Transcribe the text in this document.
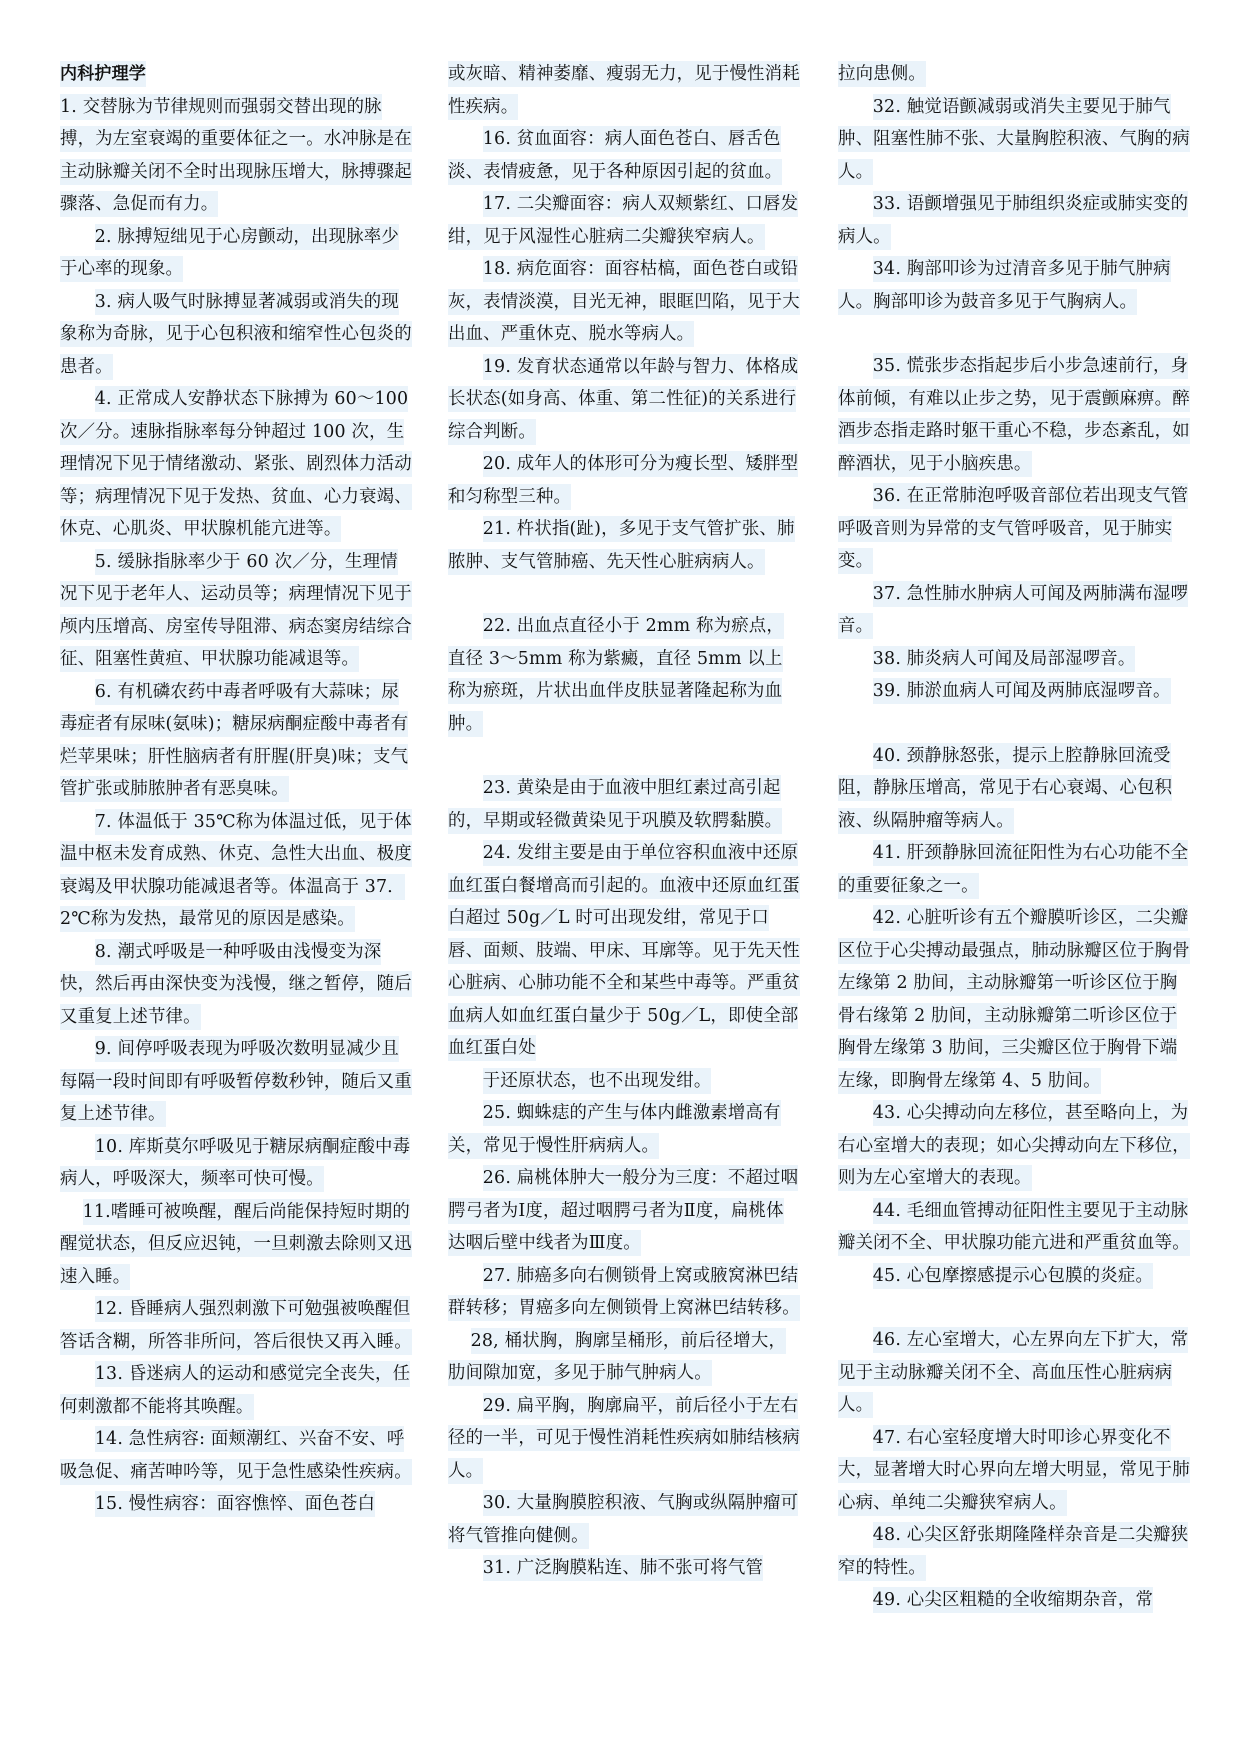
内科护理学

1. 交替脉为节律规则而强弱交替出现的脉搏，为左室衰竭的重要体征之一。水冲脉是在主动脉瓣关闭不全时出现脉压增大，脉搏骤起骤落、急促而有力。

2. 脉搏短绌见于心房颤动，出现脉率少于心率的现象。

3. 病人吸气时脉搏显著减弱或消失的现象称为奇脉，见于心包积液和缩窄性心包炎的患者。

4. 正常成人安静状态下脉搏为 60～100 次／分。速脉指脉率每分钟超过 100 次，生理情况下见于情绪激动、紧张、剧烈体力活动等；病理情况下见于发热、贫血、心力衰竭、休克、心肌炎、甲状腺机能亢进等。

5. 缓脉指脉率少于 60 次／分，生理情况下见于老年人、运动员等；病理情况下见于颅内压增高、房室传导阻滞、病态窦房结综合征、阻塞性黄疸、甲状腺功能减退等。

6. 有机磷农药中毒者呼吸有大蒜味；尿毒症者有尿味(氨味)；糖尿病酮症酸中毒者有烂苹果味；肝性脑病者有肝腥(肝臭)味；支气管扩张或肺脓肿者有恶臭味。

7. 体温低于 35℃称为体温过低，见于体温中枢未发育成熟、休克、急性大出血、极度衰竭及甲状腺功能减退者等。体温高于 37．2℃称为发热，最常见的原因是感染。

8. 潮式呼吸是一种呼吸由浅慢变为深快，然后再由深快变为浅慢，继之暂停，随后又重复上述节律。

9. 间停呼吸表现为呼吸次数明显减少且每隔一段时间即有呼吸暂停数秒钟，随后又重复上述节律。

10. 库斯莫尔呼吸见于糖尿病酮症酸中毒病人，呼吸深大，频率可快可慢。

11.嗜睡可被唤醒，醒后尚能保持短时期的醒觉状态，但反应迟钝，一旦刺激去除则又迅速入睡。

12. 昏睡病人强烈刺激下可勉强被唤醒但答话含糊，所答非所问，答后很快又再入睡。

13. 昏迷病人的运动和感觉完全丧失，任何刺激都不能将其唤醒。

14. 急性病容: 面颊潮红、兴奋不安、呼吸急促、痛苦呻吟等，见于急性感染性疾病。

15. 慢性病容：面容憔悴、面色苍白

或灰暗、精神萎靡、瘦弱无力，见于慢性消耗性疾病。

16. 贫血面容：病人面色苍白、唇舌色淡、表情疲惫，见于各种原因引起的贫血。

17. 二尖瓣面容：病人双颊紫红、口唇发绀，见于风湿性心脏病二尖瓣狭窄病人。

18. 病危面容：面容枯槁，面色苍白或铅灰，表情淡漠，目光无神，眼眶凹陷，见于大出血、严重休克、脱水等病人。

19. 发育状态通常以年龄与智力、体格成长状态(如身高、体重、第二性征)的关系进行综合判断。

20. 成年人的体形可分为瘦长型、矮胖型和匀称型三种。

21. 杵状指(趾)，多见于支气管扩张、肺脓肿、支气管肺癌、先天性心脏病病人。

22. 出血点直径小于 2mm 称为瘀点，直径 3～5mm 称为紫癜，直径 5mm 以上称为瘀斑，片状出血伴皮肤显著隆起称为血肿。

23. 黄染是由于血液中胆红素过高引起的，早期或轻微黄染见于巩膜及软腭黏膜。

24. 发绀主要是由于单位容积血液中还原血红蛋白餐增高而引起的。血液中还原血红蛋白超过 50g／L 时可出现发绀，常见于口唇、面颊、肢端、甲床、耳廓等。见于先天性心脏病、心肺功能不全和某些中毒等。严重贫血病人如血红蛋白量少于 50g／L，即使全部血红蛋白处

于还原状态，也不出现发绀。

25. 蜘蛛痣的产生与体内雌激素增高有关，常见于慢性肝病病人。

26. 扁桃体肿大一般分为三度：不超过咽腭弓者为Ⅰ度，超过咽腭弓者为Ⅱ度，扁桃体达咽后壁中线者为Ⅲ度。

27. 肺癌多向右侧锁骨上窝或腋窝淋巴结群转移；胃癌多向左侧锁骨上窝淋巴结转移。

28, 桶状胸，胸廓呈桶形，前后径增大，肋间隙加宽，多见于肺气肿病人。

29. 扁平胸，胸廓扁平，前后径小于左右径的一半，可见于慢性消耗性疾病如肺结核病人。

30. 大量胸膜腔积液、气胸或纵隔肿瘤可将气管推向健侧。

31. 广泛胸膜粘连、肺不张可将气管

拉向患侧。

32. 触觉语颤减弱或消失主要见于肺气肿、阻塞性肺不张、大量胸腔积液、气胸的病人。

33. 语颤增强见于肺组织炎症或肺实变的病人。

34. 胸部叩诊为过清音多见于肺气肿病人。胸部叩诊为鼓音多见于气胸病人。

35. 慌张步态指起步后小步急速前行，身体前倾，有难以止步之势，见于震颤麻痹。醉酒步态指走路时躯干重心不稳，步态紊乱，如醉酒状，见于小脑疾患。

36. 在正常肺泡呼吸音部位若出现支气管呼吸音则为异常的支气管呼吸音，见于肺实变。

37. 急性肺水肿病人可闻及两肺满布湿啰音。

38. 肺炎病人可闻及局部湿啰音。

39. 肺淤血病人可闻及两肺底湿啰音。

40. 颈静脉怒张，提示上腔静脉回流受阻，静脉压增高，常见于右心衰竭、心包积液、纵隔肿瘤等病人。

41. 肝颈静脉回流征阳性为右心功能不全的重要征象之一。

42. 心脏听诊有五个瓣膜听诊区，二尖瓣区位于心尖搏动最强点，肺动脉瓣区位于胸骨左缘第 2 肋间，主动脉瓣第一听诊区位于胸骨右缘第 2 肋间，主动脉瓣第二听诊区位于胸骨左缘第 3 肋间，三尖瓣区位于胸骨下端左缘，即胸骨左缘第 4、5 肋间。

43. 心尖搏动向左移位，甚至略向上，为右心室增大的表现；如心尖搏动向左下移位，则为左心室增大的表现。

44. 毛细血管搏动征阳性主要见于主动脉瓣关闭不全、甲状腺功能亢进和严重贫血等。

45. 心包摩擦感提示心包膜的炎症。

46. 左心室增大，心左界向左下扩大，常见于主动脉瓣关闭不全、高血压性心脏病病人。

47. 右心室轻度增大时叩诊心界变化不大，显著增大时心界向左增大明显，常见于肺心病、单纯二尖瓣狭窄病人。

48. 心尖区舒张期隆隆样杂音是二尖瓣狭窄的特性。

49. 心尖区粗糙的全收缩期杂音，常
